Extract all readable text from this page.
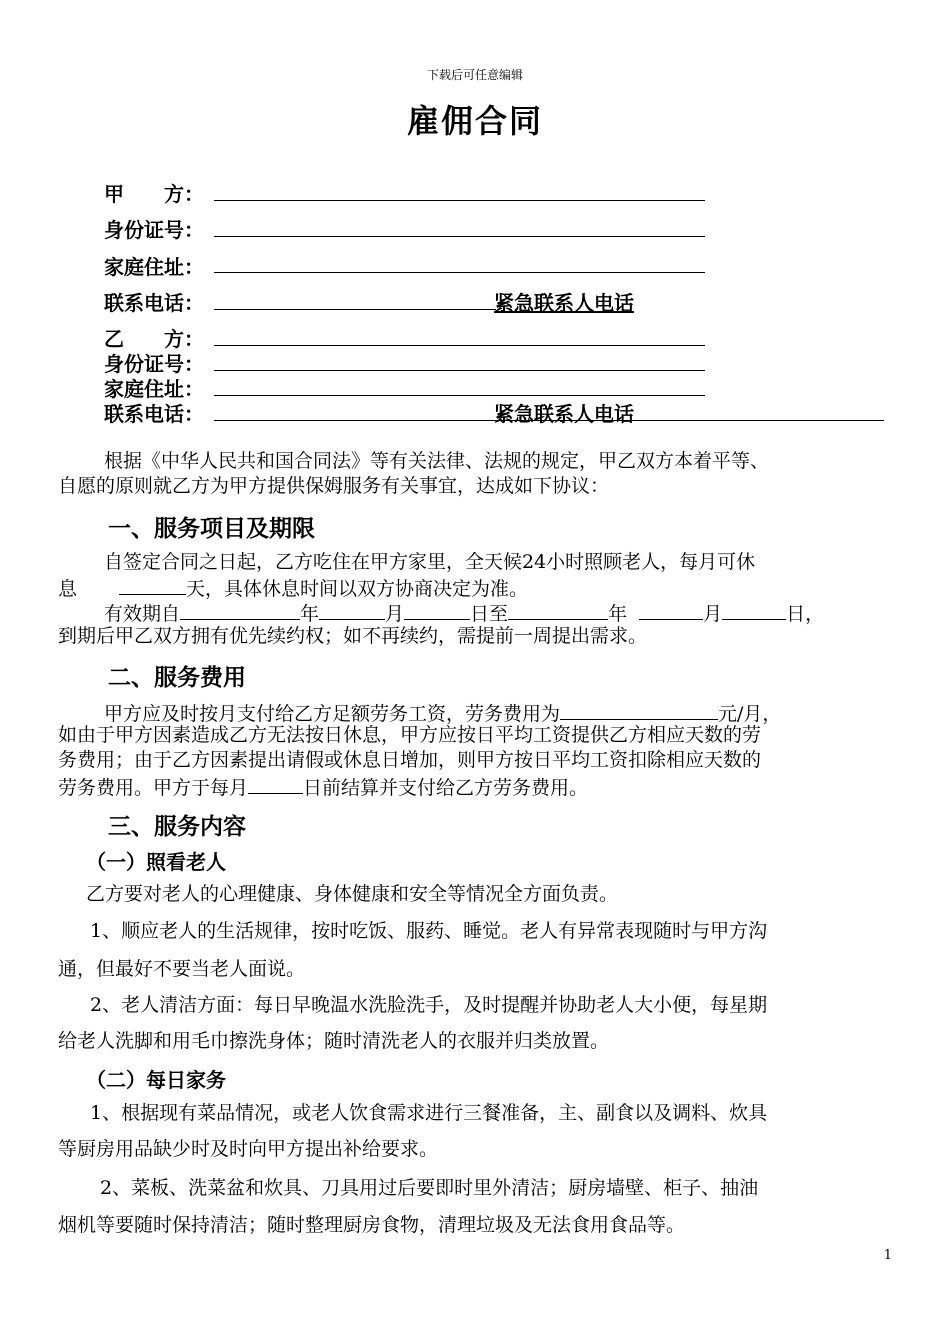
下载后可任意编辑
雇佣合同
甲　　方：
身份证号：
家庭住址：
联系电话：	紧急联系人电话
乙　　方：
身份证号：
家庭住址：
联系电话：	紧急联系人电话
根据《中华人民共和国合同法》等有关法律、法规的规定，甲乙双方本着平等、
自愿的原则就乙方为甲方提供保姆服务有关事宜，达成如下协议：
一、服务项目及期限
自签定合同之日起，乙方吃住在甲方家里，全天候24小时照顾老人，每月可休
息	天，具体休息时间以双方协商决定为准。
有效期自	年	月	日至	年	月	日，
到期后甲乙双方拥有优先续约权；如不再续约，需提前一周提出需求。
二、服务费用
甲方应及时按月支付给乙方足额劳务工资，劳务费用为	元/月，
如由于甲方因素造成乙方无法按日休息，甲方应按日平均工资提供乙方相应天数的劳
务费用；由于乙方因素提出请假或休息日增加，则甲方按日平均工资扣除相应天数的
劳务费用。甲方于每月	日前结算并支付给乙方劳务费用。
三、服务内容
（一）照看老人
乙方要对老人的心理健康、身体健康和安全等情况全方面负责。
1、顺应老人的生活规律，按时吃饭、服药、睡觉。老人有异常表现随时与甲方沟
通，但最好不要当老人面说。
2、老人清洁方面：每日早晚温水洗脸洗手，及时提醒并协助老人大小便，每星期
给老人洗脚和用毛巾擦洗身体；随时清洗老人的衣服并归类放置。
（二）每日家务
1、根据现有菜品情况，或老人饮食需求进行三餐准备，主、副食以及调料、炊具
等厨房用品缺少时及时向甲方提出补给要求。
2、菜板、洗菜盆和炊具、刀具用过后要即时里外清洁；厨房墙壁、柜子、抽油
烟机等要随时保持清洁；随时整理厨房食物，清理垃圾及无法食用食品等。
1
